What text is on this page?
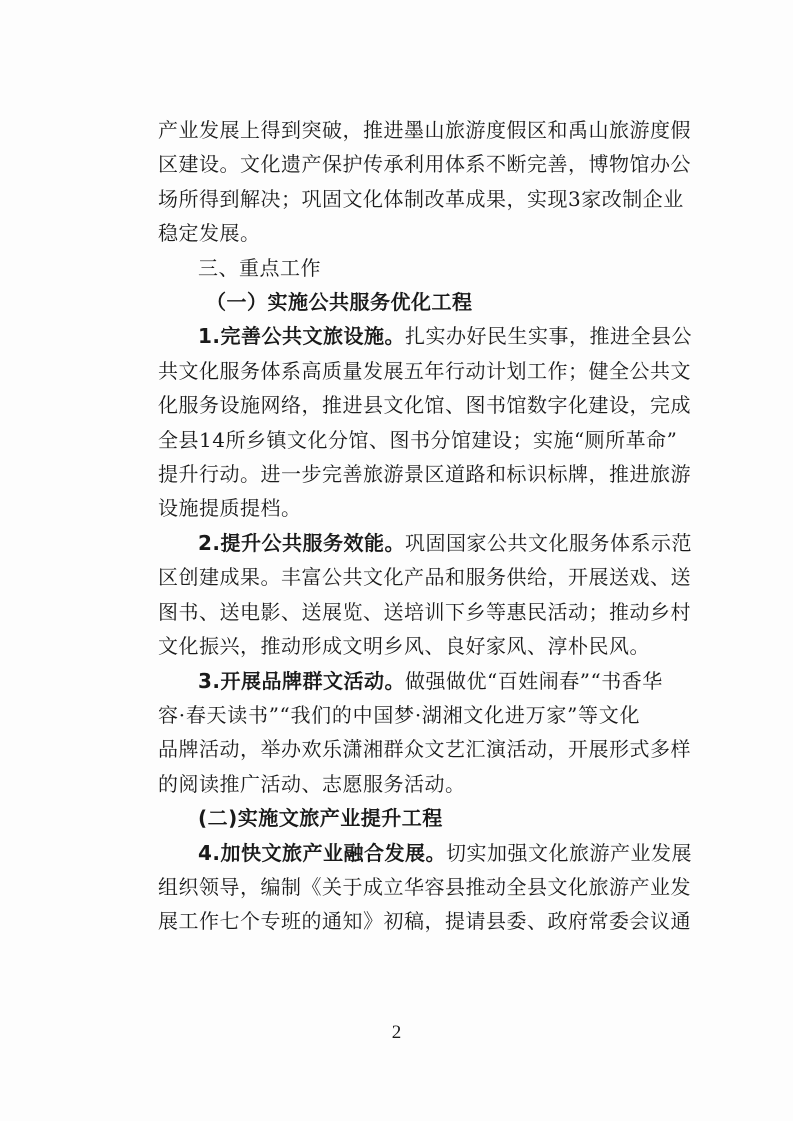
产业发展上得到突破，推进墨山旅游度假区和禹山旅游度假

区建设。文化遗产保护传承利用体系不断完善，博物馆办公

场所得到解决；巩固文化体制改革成果，实现3家改制企业

稳定发展。

三、重点工作

（一）实施公共服务优化工程

1.完善公共文旅设施。扎实办好民生实事，推进全县公

共文化服务体系高质量发展五年行动计划工作；健全公共文

化服务设施网络，推进县文化馆、图书馆数字化建设，完成

全县14所乡镇文化分馆、图书分馆建设；实施“厕所革命”

提升行动。进一步完善旅游景区道路和标识标牌，推进旅游

设施提质提档。

2.提升公共服务效能。巩固国家公共文化服务体系示范

区创建成果。丰富公共文化产品和服务供给，开展送戏、送

图书、送电影、送展览、送培训下乡等惠民活动；推动乡村

文化振兴，推动形成文明乡风、良好家风、淳朴民风。

3.开展品牌群文活动。做强做优“百姓闹春”“书香华

容·春天读书”“我们的中国梦·湖湘文化进万家”等文化

品牌活动，举办欢乐潇湘群众文艺汇演活动，开展形式多样

的阅读推广活动、志愿服务活动。

(二)实施文旅产业提升工程

4.加快文旅产业融合发展。切实加强文化旅游产业发展

组织领导，编制《关于成立华容县推动全县文化旅游产业发

展工作七个专班的通知》初稿，提请县委、政府常委会议通

2
